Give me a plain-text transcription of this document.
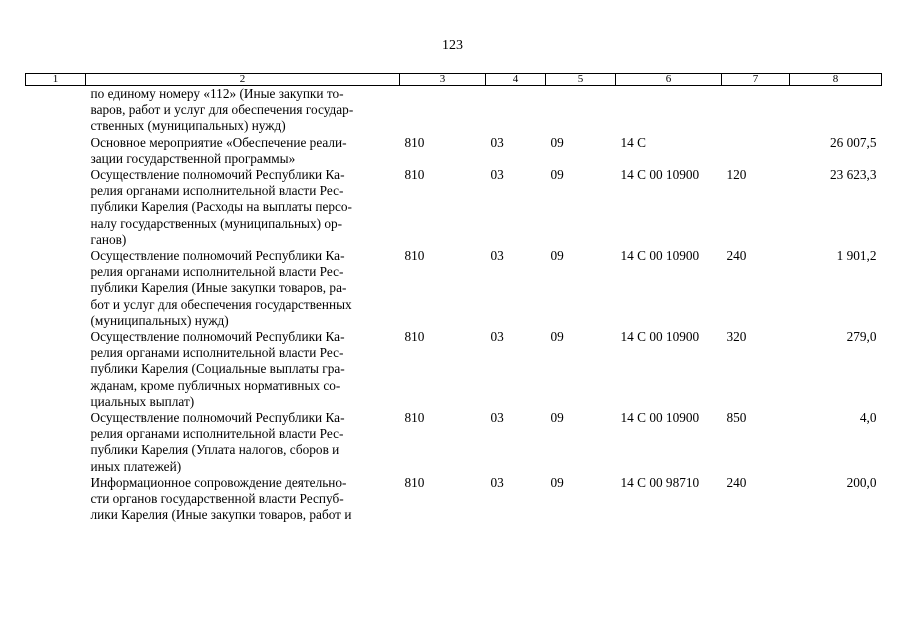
123
1	2	3	4	5	6	7	8

	по единому номеру «112» (Иные закупки то-
варов, работ и услуг для обеспечения государ-
ственных (муниципальных) нужд)						

	Основное мероприятие «Обеспечение реали-
зации государственной программы»	810	03	09	14 С		26 007,5

	Осуществление полномочий Республики Ка-
релия органами исполнительной власти Рес-
публики Карелия (Расходы на выплаты персо-
налу государственных (муниципальных) ор-
ганов)	810	03	09	14 С 00 10900	120	23 623,3

	Осуществление полномочий Республики Ка-
релия органами исполнительной власти Рес-
публики Карелия (Иные закупки товаров, ра-
бот и услуг для обеспечения государственных
(муниципальных) нужд)	810	03	09	14 С 00 10900	240	1 901,2

	Осуществление полномочий Республики Ка-
релия органами исполнительной власти Рес-
публики Карелия (Социальные выплаты гра-
жданам, кроме публичных нормативных со-
циальных выплат)	810	03	09	14 С 00 10900	320	279,0

	Осуществление полномочий Республики Ка-
релия органами исполнительной власти Рес-
публики Карелия (Уплата налогов, сборов и
иных платежей)	810	03	09	14 С 00 10900	850	4,0

	Информационное сопровождение деятельно-
сти органов государственной власти Респуб-
лики Карелия (Иные закупки товаров, работ и	810	03	09	14 С 00 98710	240	200,0
